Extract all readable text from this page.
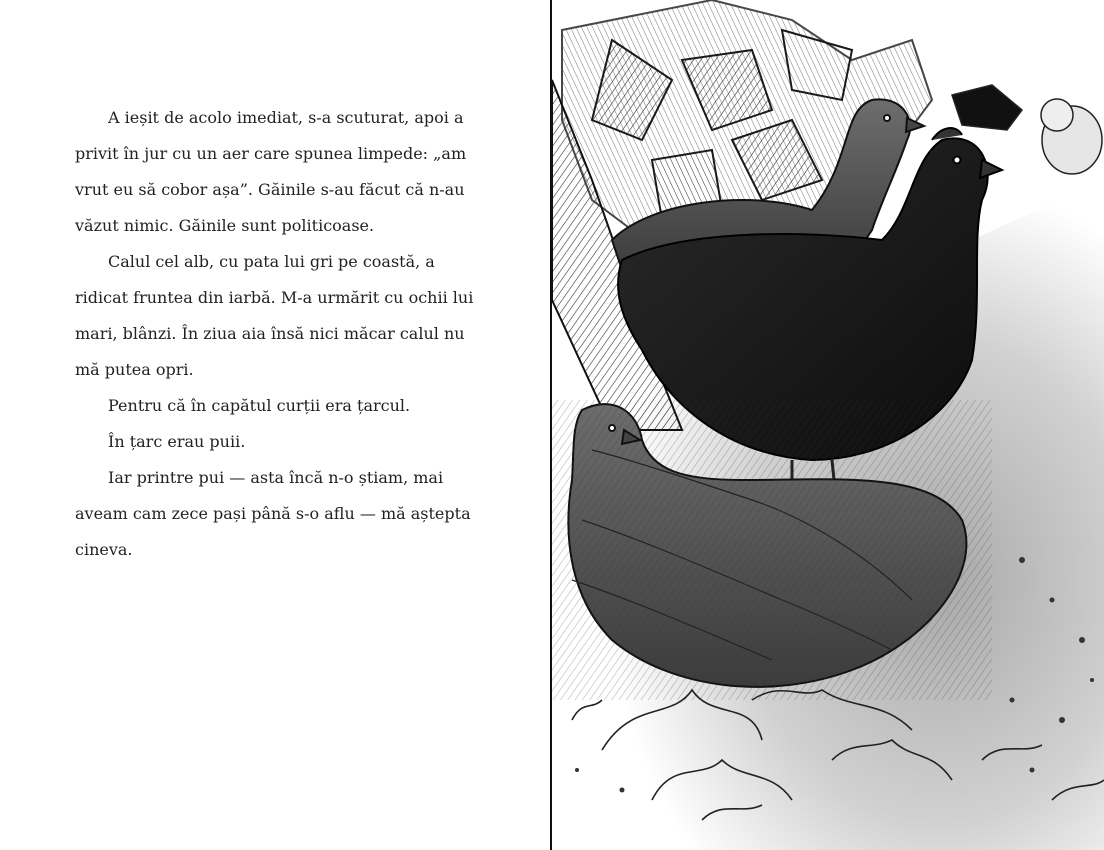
A ieșit de acolo imediat, s-a scuturat, apoi a privit în jur cu un aer care spunea limpede: „am vrut eu să cobor așa”. Găinile s-au făcut că n-au văzut nimic. Găinile sunt politicoase.

Calul cel alb, cu pata lui gri pe coastă, a ridicat fruntea din iarbă. M-a urmărit cu ochii lui mari, blânzi. În ziua aia însă nici măcar calul nu mă putea opri.

Pentru că în capătul curții era țarcul.

În țarc erau puii.

Iar printre pui — asta încă n-o știam, mai aveam cam zece pași până s-o aflu — mă aștepta cineva.
